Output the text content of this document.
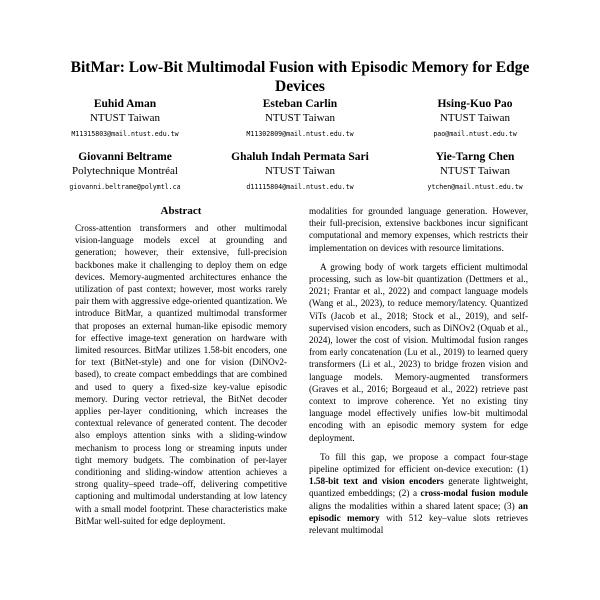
BitMar: Low-Bit Multimodal Fusion with Episodic Memory for Edge Devices
Euhid Aman
NTUST Taiwan
M11315803@mail.ntust.edu.tw
Esteban Carlin
NTUST Taiwan
M11302809@mail.ntust.edu.tw
Hsing-Kuo Pao
NTUST Taiwan
pao@mail.ntust.edu.tw
Giovanni Beltrame
Polytechnique Montréal
giovanni.beltrame@polymtl.ca
Ghaluh Indah Permata Sari
NTUST Taiwan
d11115804@mail.ntust.edu.tw
Yie-Tarng Chen
NTUST Taiwan
ytchen@mail.ntust.edu.tw
Abstract

Cross-attention transformers and other multimodal vision-language models excel at grounding and generation; however, their extensive, full-precision backbones make it challenging to deploy them on edge devices. Memory-augmented architectures enhance the utilization of past context; however, most works rarely pair them with aggressive edge-oriented quantization. We introduce BitMar, a quantized multimodal transformer that proposes an external human-like episodic memory for effective image-text generation on hardware with limited resources. BitMar utilizes 1.58-bit encoders, one for text (BitNet-style) and one for vision (DiNOv2-based), to create compact embeddings that are combined and used to query a fixed-size key-value episodic memory. During vector retrieval, the BitNet decoder applies per-layer conditioning, which increases the contextual relevance of generated content. The decoder also employs attention sinks with a sliding-window mechanism to process long or streaming inputs under tight memory budgets. The combination of per-layer conditioning and sliding-window attention achieves a strong quality–speed trade–off, delivering competitive captioning and multimodal understanding at low latency with a small model footprint. These characteristics make BitMar well-suited for edge deployment.

modalities for grounded language generation. However, their full-precision, extensive backbones incur significant computational and memory expenses, which restricts their implementation on devices with resource limitations.

A growing body of work targets efficient multimodal processing, such as low-bit quantization (Dettmers et al., 2021; Frantar et al., 2022) and compact language models (Wang et al., 2023), to reduce memory/latency. Quantized ViTs (Jacob et al., 2018; Stock et al., 2019), and self-supervised vision encoders, such as DiNOv2 (Oquab et al., 2024), lower the cost of vision. Multimodal fusion ranges from early concatenation (Lu et al., 2019) to learned query transformers (Li et al., 2023) to bridge frozen vision and language models. Memory-augmented transformers (Graves et al., 2016; Borgeaud et al., 2022) retrieve past context to improve coherence. Yet no existing tiny language model effectively unifies low-bit multimodal encoding with an episodic memory system for edge deployment.

To fill this gap, we propose a compact four-stage pipeline optimized for efficient on-device execution: (1) 1.58-bit text and vision encoders generate lightweight, quantized embeddings; (2) a cross-modal fusion module aligns the modalities within a shared latent space; (3) an episodic memory with 512 key–value slots retrieves relevant multimodal
